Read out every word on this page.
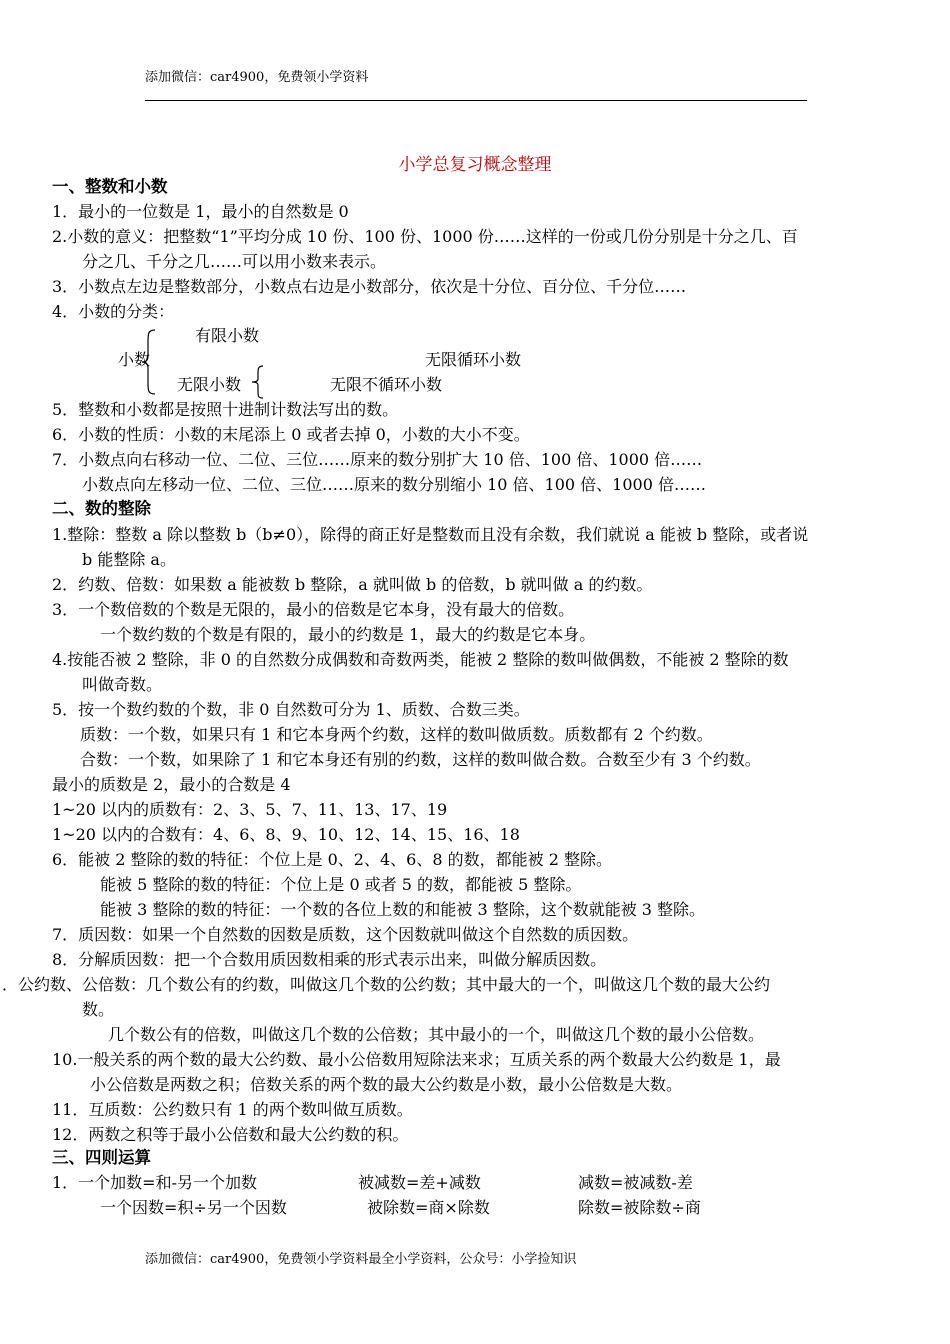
添加微信：car4900，免费领小学资料
小学总复习概念整理
一、整数和小数
1．最小的一位数是 1，最小的自然数是 0
2.小数的意义：把整数“1”平均分成 10 份、100 份、1000 份……这样的一份或几份分别是十分之几、百
分之几、千分之几……可以用小数来表示。
3．小数点左边是整数部分，小数点右边是小数部分，依次是十分位、百分位、千分位……
4．小数的分类：
有限小数
小数	无限循环小数
无限小数	无限不循环小数
5．整数和小数都是按照十进制计数法写出的数。
6．小数的性质：小数的末尾添上 0 或者去掉 0，小数的大小不变。
7．小数点向右移动一位、二位、三位……原来的数分别扩大 10 倍、100 倍、1000 倍……
小数点向左移动一位、二位、三位……原来的数分别缩小 10 倍、100 倍、1000 倍……
二、数的整除
1.整除：整数 a 除以整数 b（b≠0），除得的商正好是整数而且没有余数，我们就说 a 能被 b 整除，或者说
b 能整除 a。
2．约数、倍数：如果数 a 能被数 b 整除，a 就叫做 b 的倍数，b 就叫做 a 的约数。
3．一个数倍数的个数是无限的，最小的倍数是它本身，没有最大的倍数。
一个数约数的个数是有限的，最小的约数是 1，最大的约数是它本身。
4.按能否被 2 整除，非 0 的自然数分成偶数和奇数两类，能被 2 整除的数叫做偶数，不能被 2 整除的数
叫做奇数。
5．按一个数约数的个数，非 0 自然数可分为 1、质数、合数三类。
质数：一个数，如果只有 1 和它本身两个约数，这样的数叫做质数。质数都有 2 个约数。
合数：一个数，如果除了 1 和它本身还有别的约数，这样的数叫做合数。合数至少有 3 个约数。
最小的质数是 2，最小的合数是 4
1~20 以内的质数有：2、3、5、7、11、13、17、19
1~20 以内的合数有：4、6、8、9、10、12、14、15、16、18
6．能被 2 整除的数的特征：个位上是 0、2、4、6、8 的数，都能被 2 整除。
能被 5 整除的数的特征：个位上是 0 或者 5 的数，都能被 5 整除。
能被 3 整除的数的特征：一个数的各位上数的和能被 3 整除，这个数就能被 3 整除。
7．质因数：如果一个自然数的因数是质数，这个因数就叫做这个自然数的质因数。
8．分解质因数：把一个合数用质因数相乘的形式表示出来，叫做分解质因数。
．公约数、公倍数：几个数公有的约数，叫做这几个数的公约数；其中最大的一个，叫做这几个数的最大公约
数。
几个数公有的倍数，叫做这几个数的公倍数；其中最小的一个，叫做这几个数的最小公倍数。
10.一般关系的两个数的最大公约数、最小公倍数用短除法来求；互质关系的两个数最大公约数是 1，最
小公倍数是两数之积；倍数关系的两个数的最大公约数是小数，最小公倍数是大数。
11．互质数：公约数只有 1 的两个数叫做互质数。
12．两数之积等于最小公倍数和最大公约数的积。
三、四则运算
1．一个加数=和-另一个加数	被减数=差+减数	减数=被减数-差
一个因数=积÷另一个因数	被除数=商×除数	除数=被除数÷商
添加微信：car4900，免费领小学资料最全小学资料，公众号：小学捡知识
